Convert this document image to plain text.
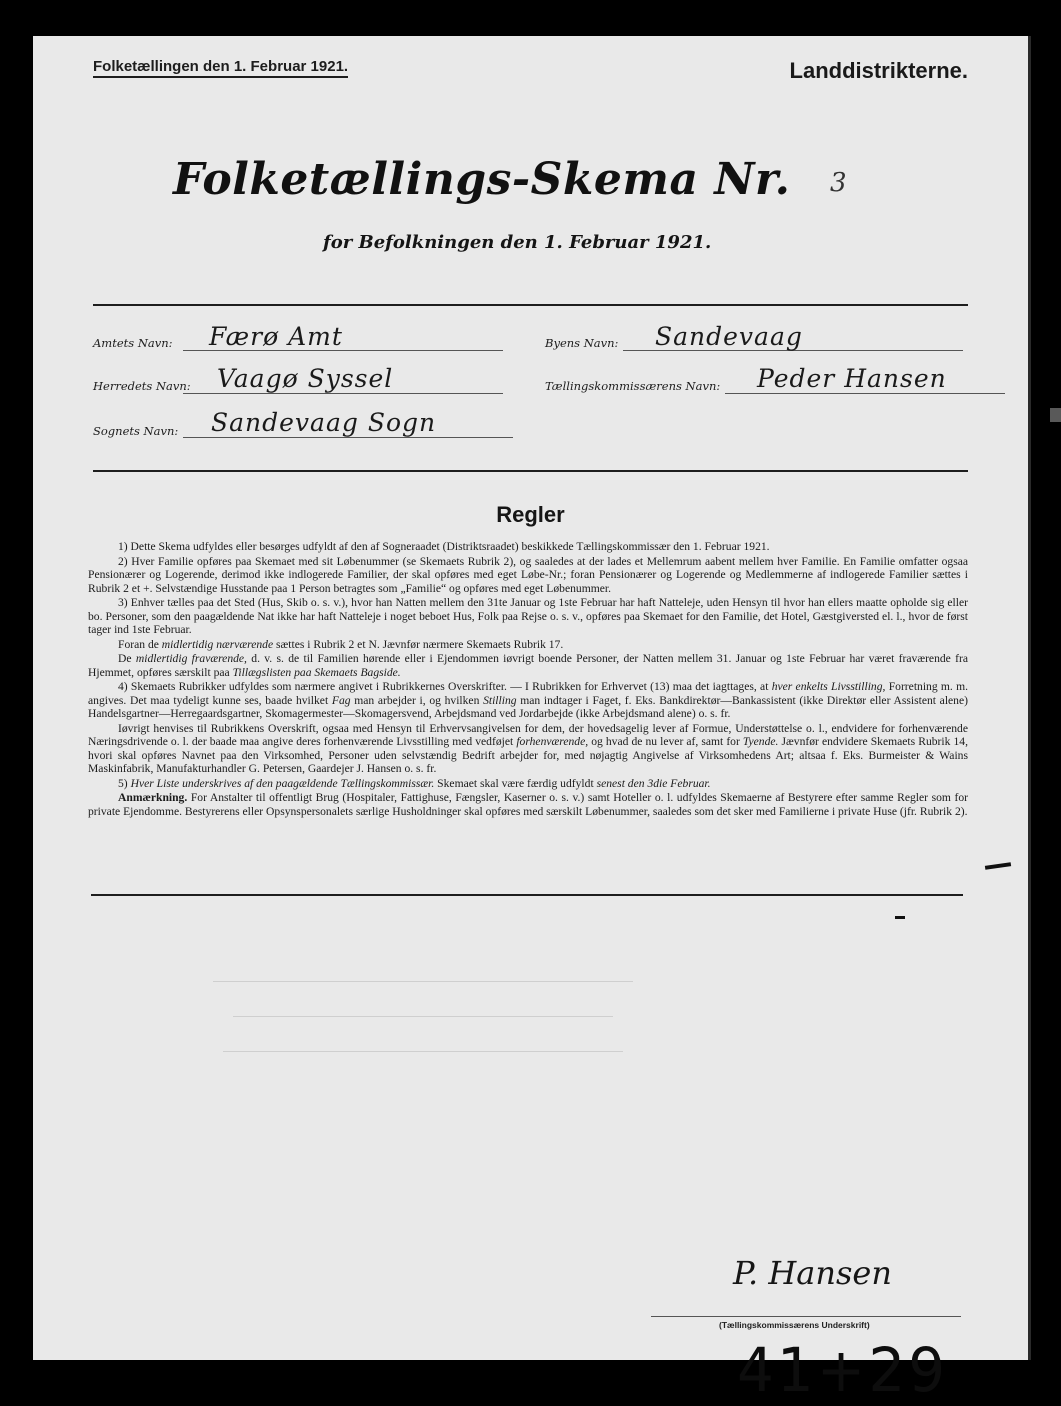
Folketællingen den 1. Februar 1921.	Landdistrikterne.
Folketællings-Skema Nr. 3
for Befolkningen den 1. Februar 1921.
Amtets Navn: Færø Amt	Byens Navn: Sandevaag
Herredets Navn: Vaagø Syssel	Tællingskommissærens Navn: Peder Hansen
Sognets Navn: Sandevaag Sogn
Regler

1) Dette Skema udfyldes eller besørges udfyldt af den af Sogneraadet (Distriktsraadet) beskikkede Tællingskommissær den 1. Februar 1921.

2) Hver Familie opføres paa Skemaet med sit Løbenummer (se Skemaets Rubrik 2), og saaledes at der lades et Mellemrum aabent mellem hver Familie. En Familie omfatter ogsaa Pensionærer og Logerende, derimod ikke indlogerede Familier, der skal opføres med eget Løbe-Nr.; foran Pensionærer og Logerende og Medlemmerne af indlogerede Familier sættes i Rubrik 2 et +. Selvstændige Husstande paa 1 Person betragtes som „Familie“ og opføres med eget Løbenummer.

3) Enhver tælles paa det Sted (Hus, Skib o. s. v.), hvor han Natten mellem den 31te Januar og 1ste Februar har haft Natteleje, uden Hensyn til hvor han ellers maatte opholde sig eller bo. Personer, som den paagældende Nat ikke har haft Natteleje i noget beboet Hus, Folk paa Rejse o. s. v., opføres paa Skemaet for den Familie, det Hotel, Gæstgiversted el. l., hvor de først tager ind 1ste Februar.

Foran de midlertidig nærværende sættes i Rubrik 2 et N. Jævnfør nærmere Skemaets Rubrik 17.

De midlertidig fraværende, d. v. s. de til Familien hørende eller i Ejendommen iøvrigt boende Personer, der Natten mellem 31. Januar og 1ste Februar har været fraværende fra Hjemmet, opføres særskilt paa Tillægslisten paa Skemaets Bagside.

4) Skemaets Rubrikker udfyldes som nærmere angivet i Rubrikkernes Overskrifter. — I Rubrikken for Erhvervet (13) maa det iagttages, at hver enkelts Livsstilling, Forretning m. m. angives. Det maa tydeligt kunne ses, baade hvilket Fag man arbejder i, og hvilken Stilling man indtager i Faget, f. Eks. Bankdirektør—Bankassistent (ikke Direktør eller Assistent alene) Handelsgartner—Herregaardsgartner, Skomagermester—Skomagersvend, Arbejdsmand ved Jordarbejde (ikke Arbejdsmand alene) o. s. fr.

Iøvrigt henvises til Rubrikkens Overskrift, ogsaa med Hensyn til Erhvervsangivelsen for dem, der hovedsagelig lever af Formue, Understøttelse o. l., endvidere for forhenværende Næringsdrivende o. l. der baade maa angive deres forhenværende Livsstilling med vedføjet forhenværende, og hvad de nu lever af, samt for Tyende. Jævnfør endvidere Skemaets Rubrik 14, hvori skal opføres Navnet paa den Virksomhed, Personer uden selvstændig Bedrift arbejder for, med nøjagtig Angivelse af Virksomhedens Art; altsaa f. Eks. Burmeister & Wains Maskinfabrik, Manufakturhandler G. Petersen, Gaardejer J. Hansen o. s. fr.

5) Hver Liste underskrives af den paagældende Tællingskommissær. Skemaet skal være færdig udfyldt senest den 3die Februar.

Anmærkning. For Anstalter til offentligt Brug (Hospitaler, Fattighuse, Fængsler, Kaserner o. s. v.) samt Hoteller o. l. udfyldes Skemaerne af Bestyrere efter samme Regler som for private Ejendomme. Bestyrerens eller Opsynspersonalets særlige Husholdninger skal opføres med særskilt Løbenummer, saaledes som det sker med Familierne i private Huse (jfr. Rubrik 2).

P. Hansen
(Tællingskommissærens Underskrift)
41+29
